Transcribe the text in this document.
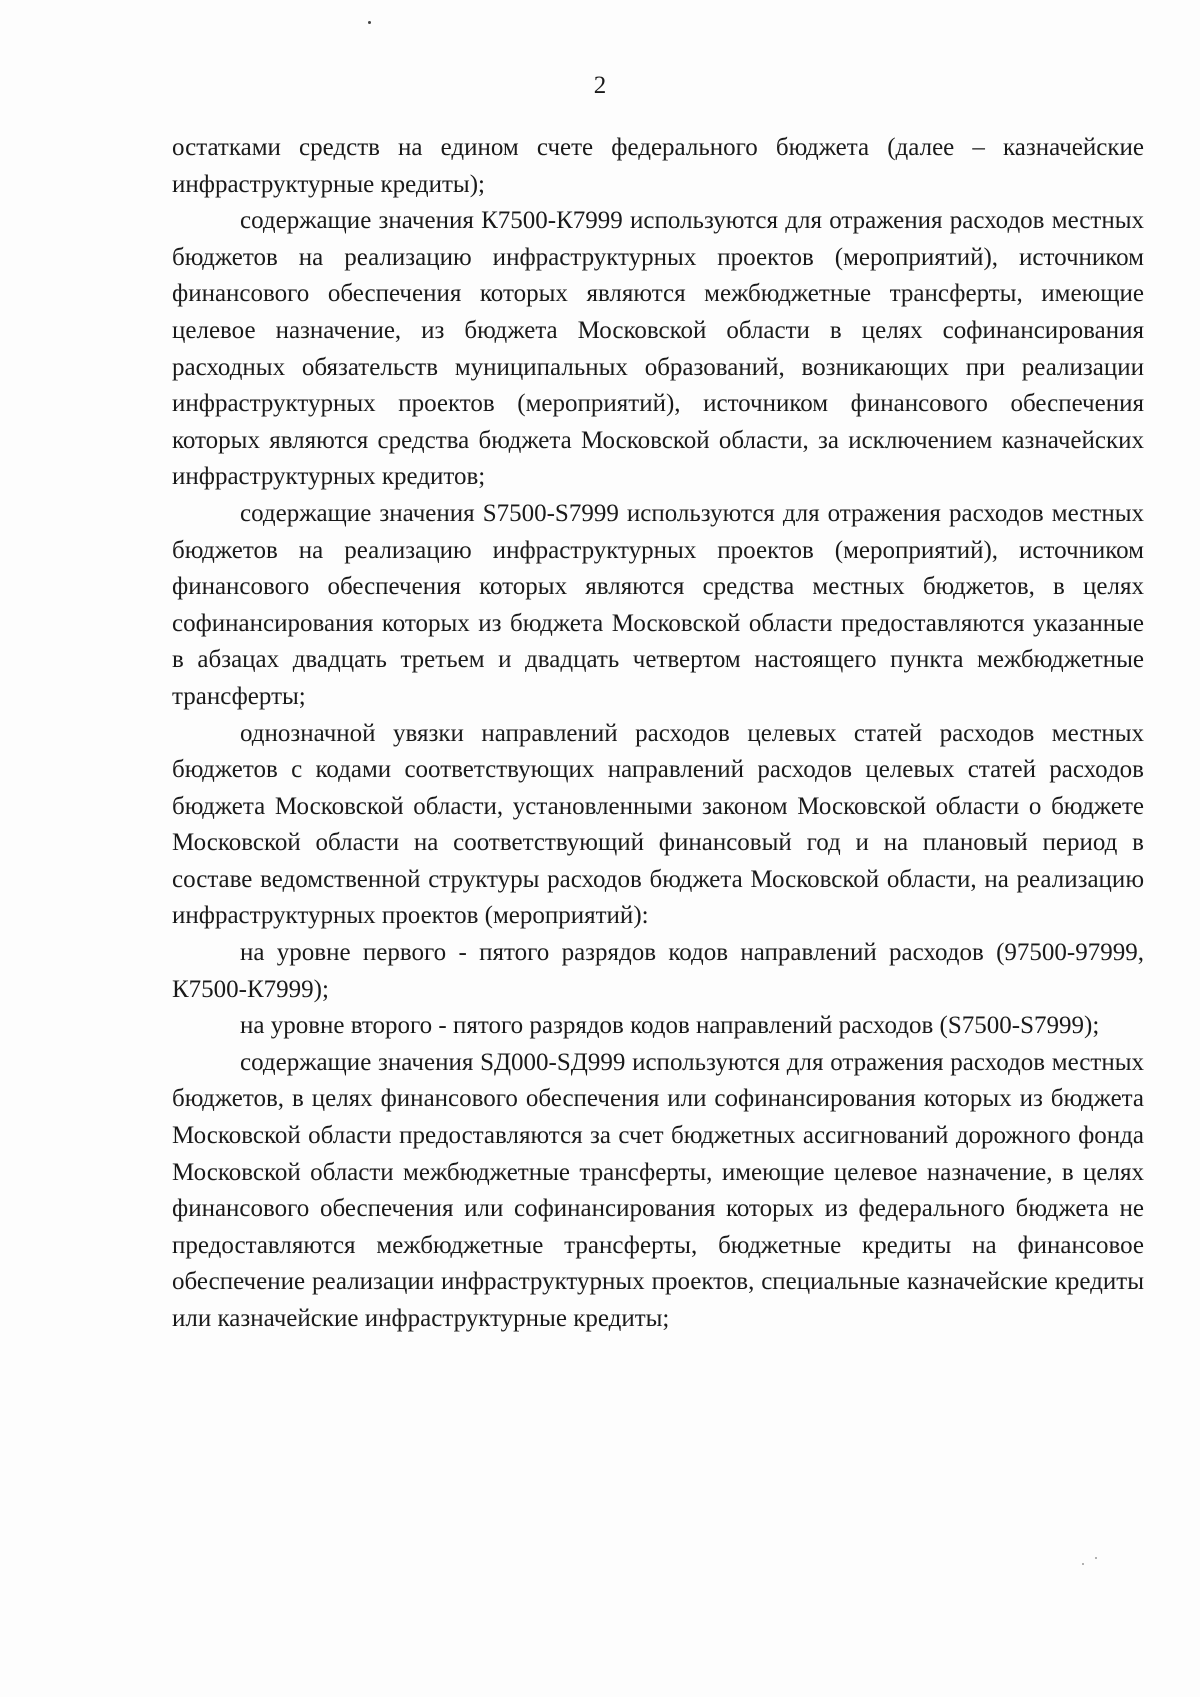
2

остатками средств на едином счете федерального бюджета (далее – казначейские инфраструктурные кредиты);

содержащие значения К7500-К7999 используются для отражения расходов местных бюджетов на реализацию инфраструктурных проектов (мероприятий), источником финансового обеспечения которых являются межбюджетные трансферты, имеющие целевое назначение, из бюджета Московской области в целях софинансирования расходных обязательств муниципальных образований, возникающих при реализации инфраструктурных проектов (мероприятий), источником финансового обеспечения которых являются средства бюджета Московской области, за исключением казначейских инфраструктурных кредитов;

содержащие значения S7500-S7999 используются для отражения расходов местных бюджетов на реализацию инфраструктурных проектов (мероприятий), источником финансового обеспечения которых являются средства местных бюджетов, в целях софинансирования которых из бюджета Московской области предоставляются указанные в абзацах двадцать третьем и двадцать четвертом настоящего пункта межбюджетные трансферты;

однозначной увязки направлений расходов целевых статей расходов местных бюджетов с кодами соответствующих направлений расходов целевых статей расходов бюджета Московской области, установленными законом Московской области о бюджете Московской области на соответствующий финансовый год и на плановый период в составе ведомственной структуры расходов бюджета Московской области, на реализацию инфраструктурных проектов (мероприятий):

на уровне первого - пятого разрядов кодов направлений расходов (97500-97999, К7500-К7999);

на уровне второго - пятого разрядов кодов направлений расходов (S7500-S7999);

содержащие значения SД000-SД999 используются для отражения расходов местных бюджетов, в целях финансового обеспечения или софинансирования которых из бюджета Московской области предоставляются за счет бюджетных ассигнований дорожного фонда Московской области межбюджетные трансферты, имеющие целевое назначение, в целях финансового обеспечения или софинансирования которых из федерального бюджета не предоставляются межбюджетные трансферты, бюджетные кредиты на финансовое обеспечение реализации инфраструктурных проектов, специальные казначейские кредиты или казначейские инфраструктурные кредиты;
